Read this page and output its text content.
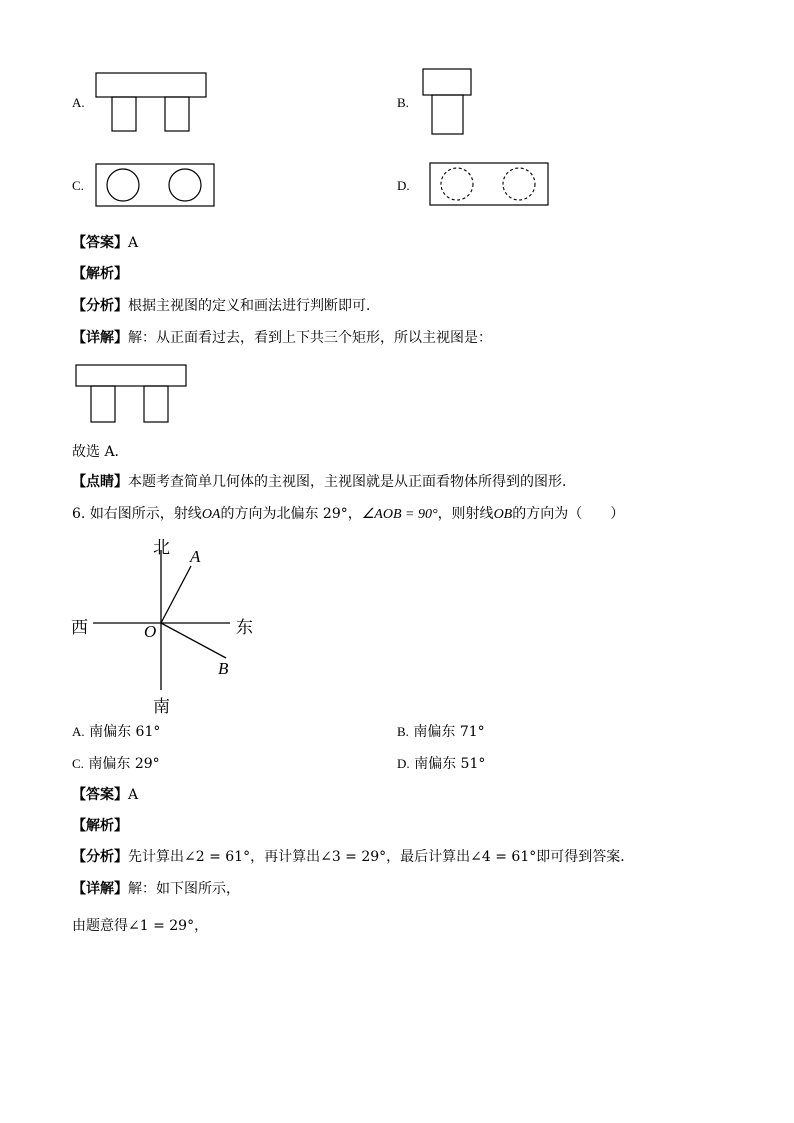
A.	B.
C.	D.
【答案】A
【解析】
【分析】根据主视图的定义和画法进行判断即可．
【详解】解：从正面看过去，看到上下共三个矩形，所以主视图是：
故选 A．
【点睛】本题考查简单几何体的主视图，主视图就是从正面看物体所得到的图形．
6. 如右图所示，射线OA的方向为北偏东 29°，∠AOB = 90°，则射线OB的方向为（　　）
北
南
西	东
O
A
B
A. 南偏东 61°	B. 南偏东 71°
C. 南偏东 29°	D. 南偏东 51°
【答案】A
【解析】
【分析】先计算出∠2 = 61°，再计算出∠3 = 29°，最后计算出∠4 = 61°即可得到答案．
【详解】解：如下图所示，
由题意得∠1 = 29°，
